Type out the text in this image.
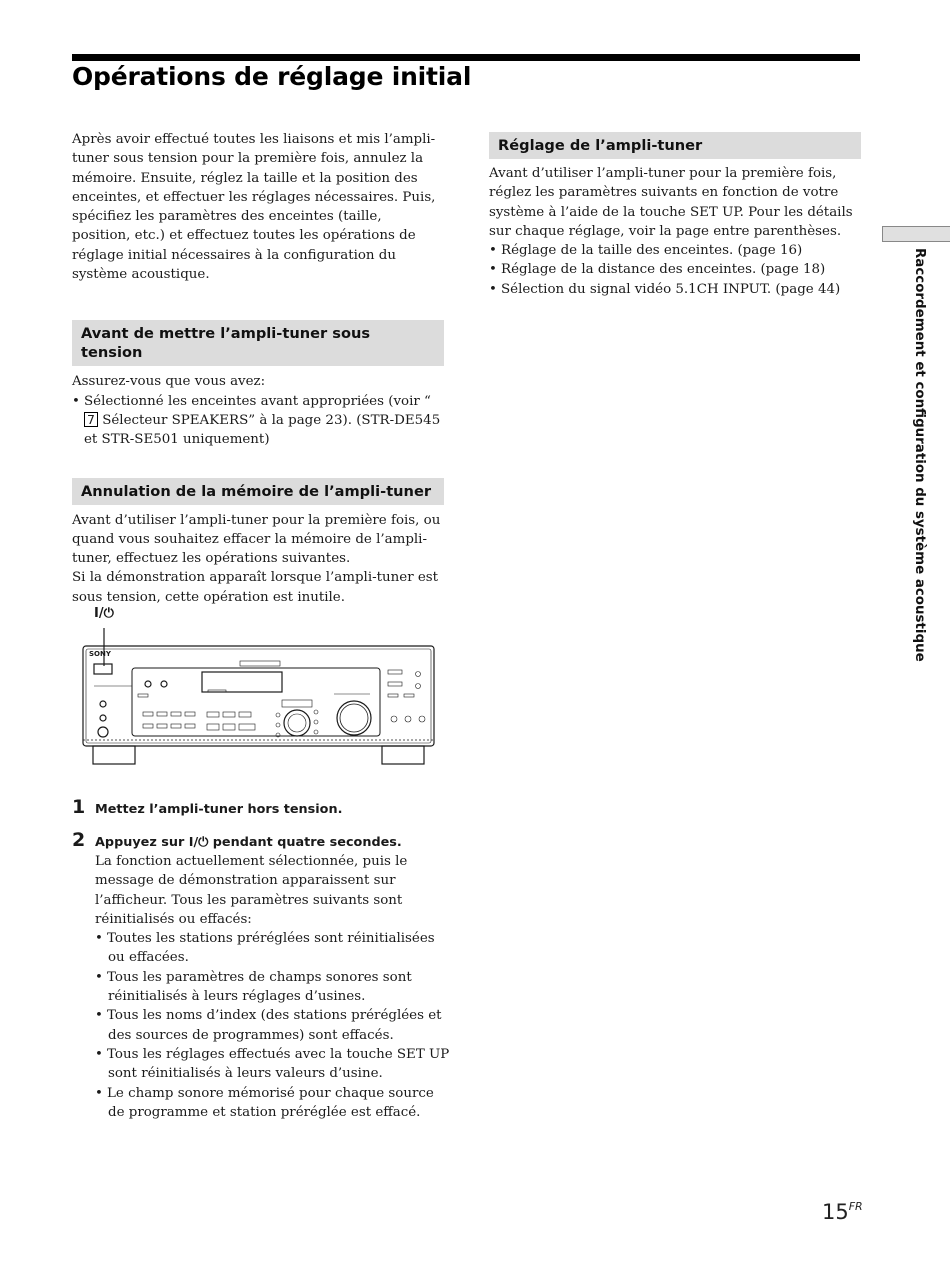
Opérations de réglage initial

Après avoir effectué toutes les liaisons et mis l’ampli-tuner sous tension pour la première fois, annulez la mémoire. Ensuite, réglez la taille et la position des enceintes, et effectuer les réglages nécessaires. Puis, spécifiez les paramètres des enceintes (taille, position, etc.) et effectuez toutes les opérations de réglage initial nécessaires à la configuration du système acoustique.

Avant de mettre l’ampli-tuner sous tension

Assurez-vous que vous avez:

• Sélectionné les enceintes avant appropriées (voir “7 Sélecteur SPEAKERS” à la page 23). (STR-DE545 et STR-SE501 uniquement)
Annulation de la mémoire de l’ampli-tuner

Avant d’utiliser l’ampli-tuner pour la première fois, ou quand vous souhaitez effacer la mémoire de l’ampli-tuner, effectuez les opérations suivantes.

Si la démonstration apparaît lorsque l’ampli-tuner est sous tension, cette opération est inutile.

I/⏻
SONY
1 Mettez l’ampli-tuner hors tension.
2 Appuyez sur I/⏻ pendant quatre secondes.

La fonction actuellement sélectionnée, puis le message de démonstration apparaissent sur l’afficheur. Tous les paramètres suivants sont réinitialisés ou effacés:

• Toutes les stations préréglées sont réinitialisées ou effacées.
• Tous les paramètres de champs sonores sont réinitialisés à leurs réglages d’usines.
• Tous les noms d’index (des stations préréglées et des sources de programmes) sont effacés.
• Tous les réglages effectués avec la touche SET UP sont réinitialisés à leurs valeurs d’usine.
• Le champ sonore mémorisé pour chaque source de programme et station préréglée est effacé.
Réglage de l’ampli-tuner

Avant d’utiliser l’ampli-tuner pour la première fois, réglez les paramètres suivants en fonction de votre système à l’aide de la touche SET UP. Pour les détails sur chaque réglage, voir la page entre parenthèses.

• Réglage de la taille des enceintes. (page 16)
• Réglage de la distance des enceintes. (page 18)
• Sélection du signal vidéo 5.1CH INPUT. (page 44)	Raccordement et configuration du système acoustique
$15^{FR}$
